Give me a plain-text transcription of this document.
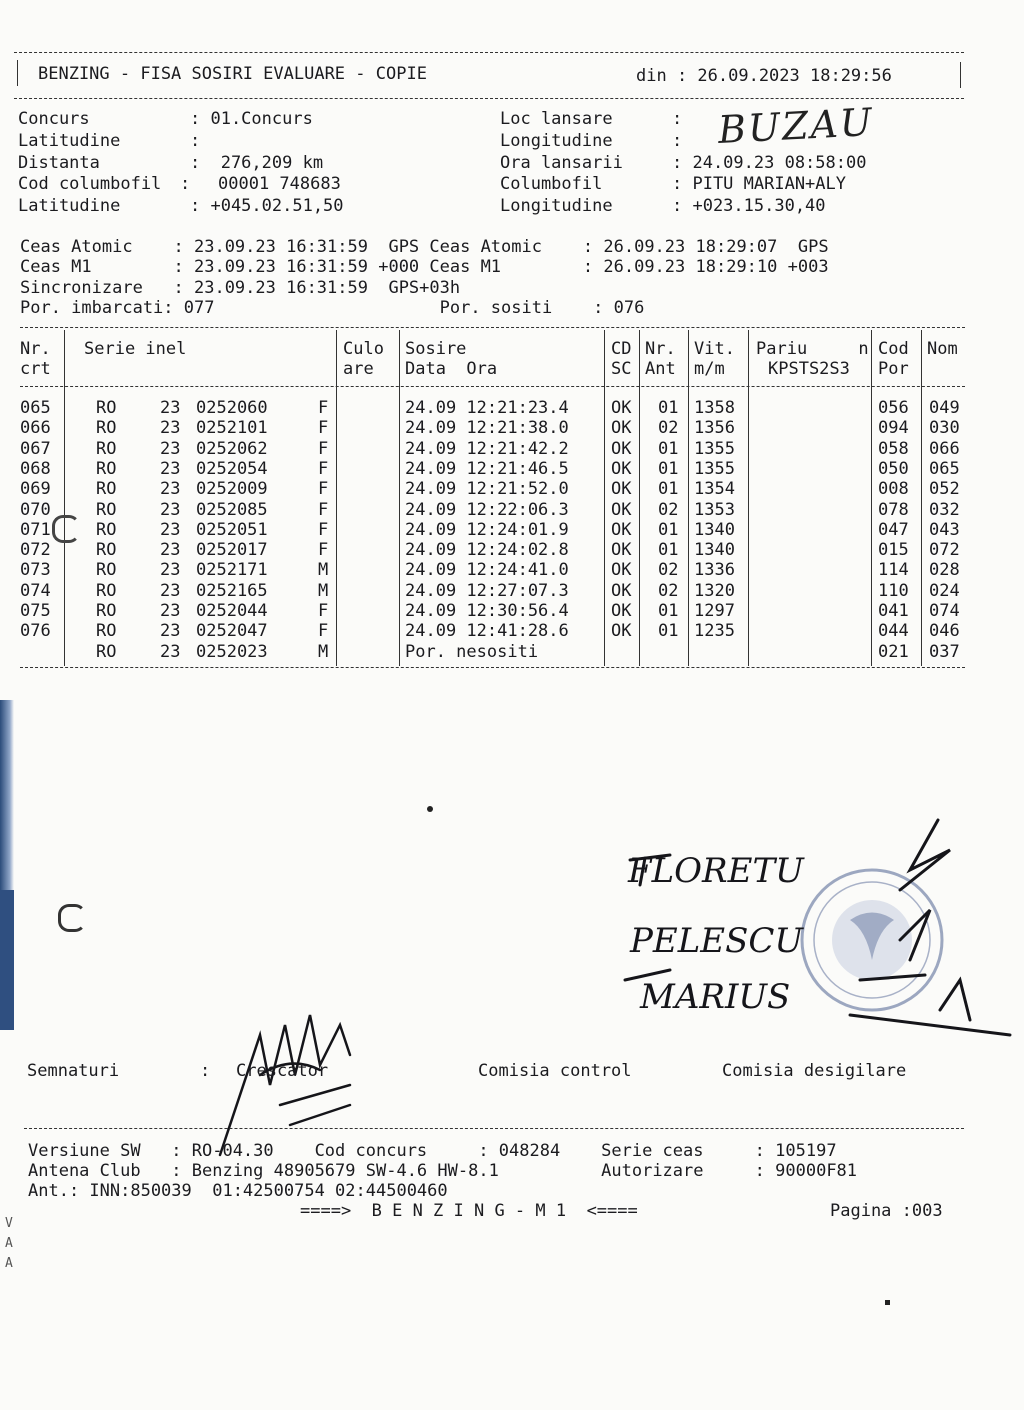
BENZING - FISA SOSIRI EVALUARE - COPIE	din : 26.09.2023 18:29:56
Concurs	: 01.Concurs
Latitudine	:
Distanta	:  276,209 km
Cod columbofil : 00001 748683
Latitudine	: +045.02.51,50
Loc lansare	:
Longitudine	:
Ora lansarii	: 24.09.23 08:58:00
Columbofil	: PITU MARIAN+ALY
Longitudine	: +023.15.30,40
BUZAU
Ceas Atomic    : 23.09.23 16:31:59  GPS Ceas Atomic    : 26.09.23 18:29:07  GPS
Ceas M1        : 23.09.23 16:31:59 +000 Ceas M1        : 26.09.23 18:29:10 +003
Sincronizare   : 23.09.23 16:31:59  GPS+03h
Por. imbarcati: 077                      Por. sositi    : 076
Nr. Serie inel	Culo Sosire	CD Nr. Vit. Pariu     n Cod Nom
crt	are Data  Ora	SC Ant m/m	KPSTS2S3 Por
065	RO	23 0252060	F	24.09 12:21:23.4 OK 01 1358	056 049
066	RO	23 0252101	F	24.09 12:21:38.0 OK 02 1356	094 030
067	RO	23 0252062	F	24.09 12:21:42.2 OK 01 1355	058 066
068	RO	23 0252054	F	24.09 12:21:46.5 OK 01 1355	050 065
069	RO	23 0252009	F	24.09 12:21:52.0 OK 01 1354	008 052
070	RO	23 0252085	F	24.09 12:22:06.3 OK 02 1353	078 032
071	RO	23 0252051	F	24.09 12:24:01.9 OK 01 1340	047 043
072	RO	23 0252017	F	24.09 12:24:02.8 OK 01 1340	015 072
073	RO	23 0252171	M	24.09 12:24:41.0 OK 02 1336	114 028
074	RO	23 0252165	M	24.09 12:27:07.3 OK 02 1320	110 024
075	RO	23 0252044	F	24.09 12:30:56.4 OK 01 1297	041 074
076	RO	23 0252047	F	24.09 12:41:28.6 OK 01 1235	044 046
RO	23 0252023	M	Por. nesositi	021 037
FLORETU
PELESCU
MARIUS
Semnaturi	: Crescator	Comisia control	Comisia desigilare
Versiune SW   : RO-04.30    Cod concurs     : 048284    Serie ceas     : 105197
Antena Club   : Benzing 48905679 SW-4.6 HW-8.1          Autorizare     : 90000F81
Ant.: INN:850039  01:42500754 02:44500460
====>  B E N Z I N G - M 1  <====	Pagina :003
V
A
A
